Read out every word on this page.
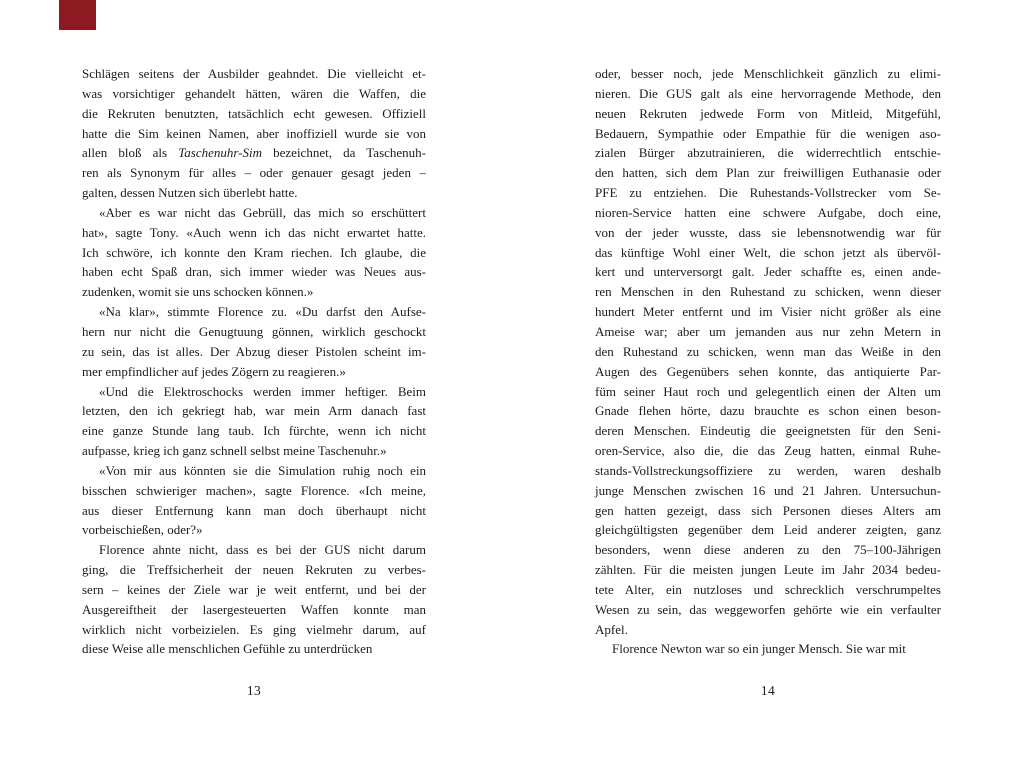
Schlägen seitens der Ausbilder geahndet. Die vielleicht et-
was vorsichtiger gehandelt hätten, wären die Waffen, die
die Rekruten benutzten, tatsächlich echt gewesen. Offiziell
hatte die Sim keinen Namen, aber inoffiziell wurde sie von
allen bloß als Taschenuhr-Sim bezeichnet, da Taschenuh-
ren als Synonym für alles – oder genauer gesagt jeden –
galten, dessen Nutzen sich überlebt hatte.
«Aber es war nicht das Gebrüll, das mich so erschüttert
hat», sagte Tony. «Auch wenn ich das nicht erwartet hatte.
Ich schwöre, ich konnte den Kram riechen. Ich glaube, die
haben echt Spaß dran, sich immer wieder was Neues aus-
zudenken, womit sie uns schocken können.»
«Na klar», stimmte Florence zu. «Du darfst den Aufse-
hern nur nicht die Genugtuung gönnen, wirklich geschockt
zu sein, das ist alles. Der Abzug dieser Pistolen scheint im-
mer empfindlicher auf jedes Zögern zu reagieren.»
«Und die Elektroschocks werden immer heftiger. Beim
letzten, den ich gekriegt hab, war mein Arm danach fast
eine ganze Stunde lang taub. Ich fürchte, wenn ich nicht
aufpasse, krieg ich ganz schnell selbst meine Taschenuhr.»
«Von mir aus könnten sie die Simulation ruhig noch ein
bisschen schwieriger machen», sagte Florence. «Ich meine,
aus dieser Entfernung kann man doch überhaupt nicht
vorbeischießen, oder?»
Florence ahnte nicht, dass es bei der GUS nicht darum
ging, die Treffsicherheit der neuen Rekruten zu verbes-
sern – keines der Ziele war je weit entfernt, und bei der
Ausgereiftheit der lasergesteuerten Waffen konnte man
wirklich nicht vorbeizielen. Es ging vielmehr darum, auf
diese Weise alle menschlichen Gefühle zu unterdrücken
13
oder, besser noch, jede Menschlichkeit gänzlich zu elimi-
nieren. Die GUS galt als eine hervorragende Methode, den
neuen Rekruten jedwede Form von Mitleid, Mitgefühl,
Bedauern, Sympathie oder Empathie für die wenigen aso-
zialen Bürger abzutrainieren, die widerrechtlich entschie-
den hatten, sich dem Plan zur freiwilligen Euthanasie oder
PFE zu entziehen. Die Ruhestands-Vollstrecker vom Se-
nioren-Service hatten eine schwere Aufgabe, doch eine,
von der jeder wusste, dass sie lebensnotwendig war für
das künftige Wohl einer Welt, die schon jetzt als übervöl-
kert und unterversorgt galt. Jeder schaffte es, einen ande-
ren Menschen in den Ruhestand zu schicken, wenn dieser
hundert Meter entfernt und im Visier nicht größer als eine
Ameise war; aber um jemanden aus nur zehn Metern in
den Ruhestand zu schicken, wenn man das Weiße in den
Augen des Gegenübers sehen konnte, das antiquierte Par-
füm seiner Haut roch und gelegentlich einen der Alten um
Gnade flehen hörte, dazu brauchte es schon einen beson-
deren Menschen. Eindeutig die geeignetsten für den Seni-
oren-Service, also die, die das Zeug hatten, einmal Ruhe-
stands-Vollstreckungsoffiziere zu werden, waren deshalb
junge Menschen zwischen 16 und 21 Jahren. Untersuchun-
gen hatten gezeigt, dass sich Personen dieses Alters am
gleichgültigsten gegenüber dem Leid anderer zeigten, ganz
besonders, wenn diese anderen zu den 75–100-Jährigen
zählten. Für die meisten jungen Leute im Jahr 2034 bedeu-
tete Alter, ein nutzloses und schrecklich verschrumpeltes
Wesen zu sein, das weggeworfen gehörte wie ein verfaulter
Apfel.
Florence Newton war so ein junger Mensch. Sie war mit
14
